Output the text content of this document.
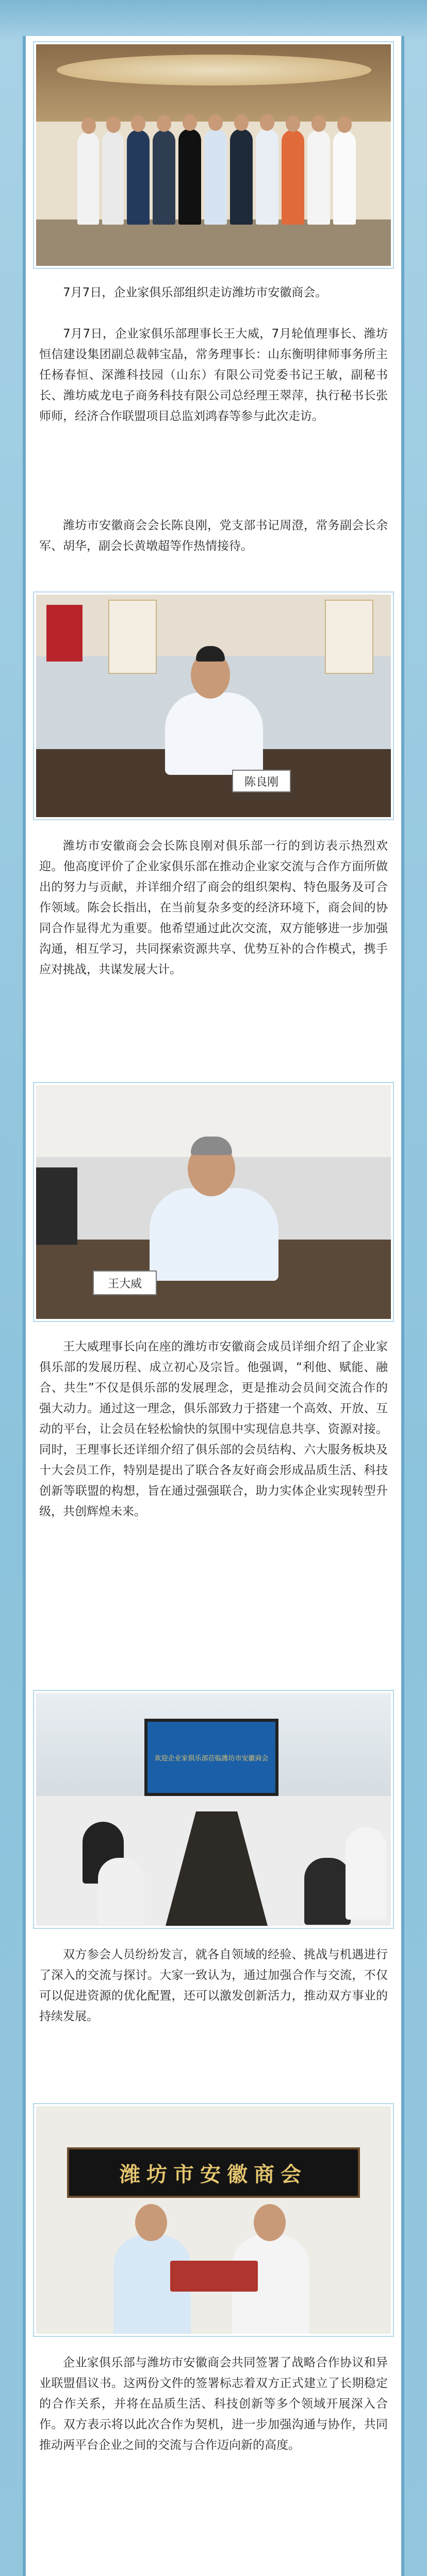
7月7日，企业家俱乐部组织走访潍坊市安徽商会。

7月7日，企业家俱乐部理事长王大威，7月轮值理事长、潍坊恒信建设集团副总裁韩宝晶，常务理事长：山东衡明律师事务所主任杨春恒、深潍科技园（山东）有限公司党委书记王敏，副秘书长、潍坊威龙电子商务科技有限公司总经理王翠萍，执行秘书长张师师，经济合作联盟项目总监刘鸿春等参与此次走访。

潍坊市安徽商会会长陈良刚，党支部书记周澄，常务副会长余军、胡华，副会长黄墩超等作热情接待。

陈良刚

潍坊市安徽商会会长陈良刚对俱乐部一行的到访表示热烈欢迎。他高度评价了企业家俱乐部在推动企业家交流与合作方面所做出的努力与贡献，并详细介绍了商会的组织架构、特色服务及可合作领域。陈会长指出，在当前复杂多变的经济环境下，商会间的协同合作显得尤为重要。他希望通过此次交流，双方能够进一步加强沟通，相互学习，共同探索资源共享、优势互补的合作模式，携手应对挑战，共谋发展大计。

王大威

王大威理事长向在座的潍坊市安徽商会成员详细介绍了企业家俱乐部的发展历程、成立初心及宗旨。他强调，“利他、赋能、融合、共生”不仅是俱乐部的发展理念，更是推动会员间交流合作的强大动力。通过这一理念，俱乐部致力于搭建一个高效、开放、互动的平台，让会员在轻松愉快的氛围中实现信息共享、资源对接。同时，王理事长还详细介绍了俱乐部的会员结构、六大服务板块及十大会员工作，特别是提出了联合各友好商会形成品质生活、科技创新等联盟的构想，旨在通过强强联合，助力实体企业实现转型升级，共创辉煌未来。

欢迎企业家俱乐部莅临潍坊市安徽商会

双方参会人员纷纷发言，就各自领域的经验、挑战与机遇进行了深入的交流与探讨。大家一致认为，通过加强合作与交流，不仅可以促进资源的优化配置，还可以激发创新活力，推动双方事业的持续发展。

潍坊市安徽商会

企业家俱乐部与潍坊市安徽商会共同签署了战略合作协议和异业联盟倡议书。这两份文件的签署标志着双方正式建立了长期稳定的合作关系，并将在品质生活、科技创新等多个领域开展深入合作。双方表示将以此次合作为契机，进一步加强沟通与协作，共同推动两平台企业之间的交流与合作迈向新的高度。
